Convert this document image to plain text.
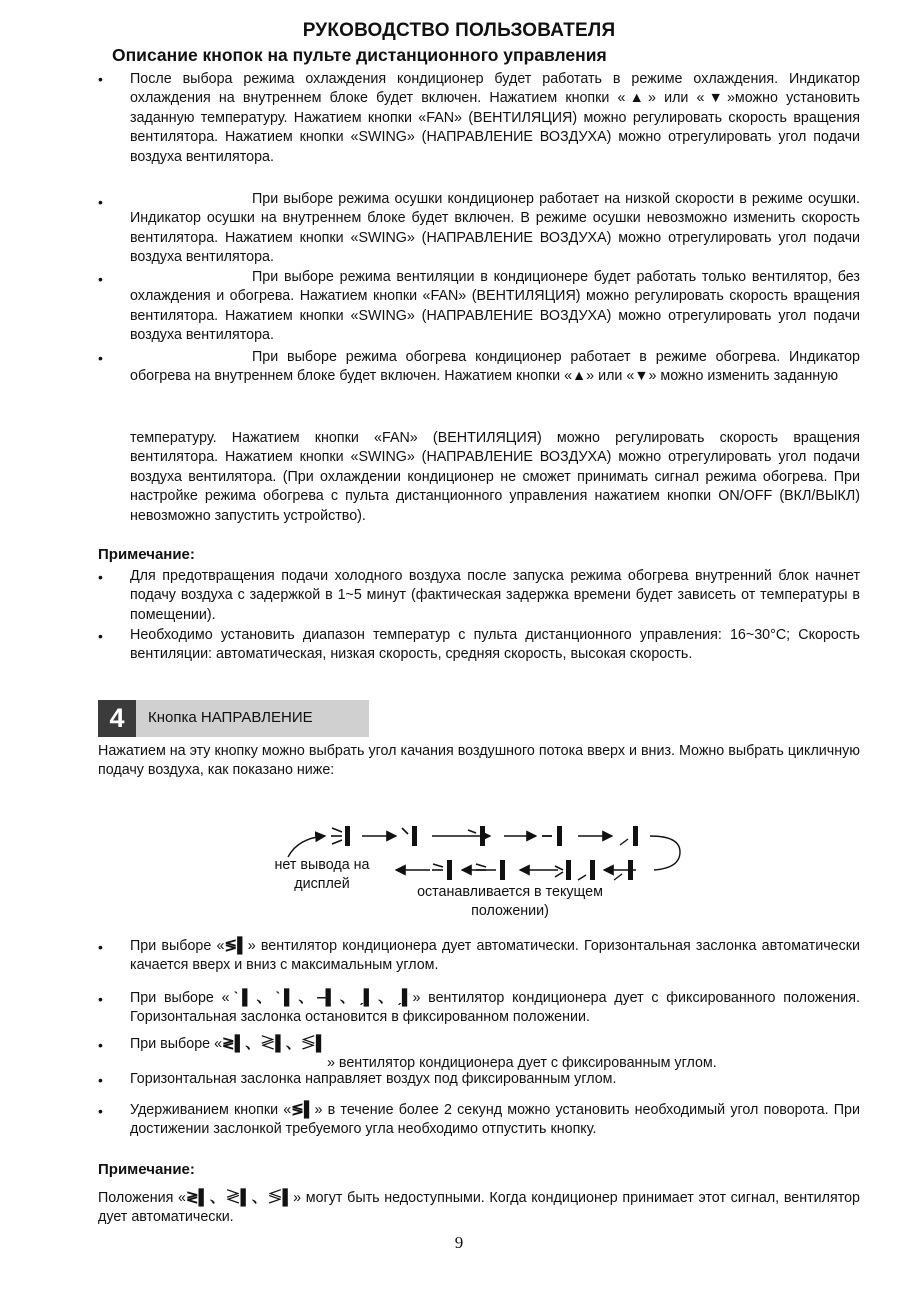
РУКОВОДСТВО ПОЛЬЗОВАТЕЛЯ
Описание кнопок на пульте дистанционного управления
• После выбора режима охлаждения кондиционер будет работать в режиме охлаждения. Индикатор охлаждения на внутреннем блоке будет включен. Нажатием кнопки «▲» или «▼»можно установить заданную температуру. Нажатием кнопки «FAN» (ВЕНТИЛЯЦИЯ) можно регулировать скорость вращения вентилятора. Нажатием кнопки «SWING» (НАПРАВЛЕНИЕ ВОЗДУХА) можно отрегулировать угол подачи воздуха вентилятора.
•	При выборе режима осушки кондиционер работает на низкой скорости в режиме осушки. Индикатор осушки на внутреннем блоке будет включен. В режиме осушки невозможно изменить скорость вентилятора. Нажатием кнопки «SWING» (НАПРАВЛЕНИЕ ВОЗДУХА) можно отрегулировать угол подачи воздуха вентилятора.
•	При выборе режима вентиляции в кондиционере будет работать только вентилятор, без охлаждения и обогрева. Нажатием кнопки «FAN» (ВЕНТИЛЯЦИЯ) можно регулировать скорость вращения вентилятора. Нажатием кнопки «SWING» (НАПРАВЛЕНИЕ ВОЗДУХА) можно отрегулировать угол подачи воздуха вентилятора.
•	При выборе режима обогрева кондиционер работает в режиме обогрева. Индикатор обогрева на внутреннем блоке будет включен. Нажатием кнопки «▲» или «▼» можно изменить заданную
температуру. Нажатием кнопки «FAN» (ВЕНТИЛЯЦИЯ) можно регулировать скорость вращения вентилятора. Нажатием кнопки «SWING» (НАПРАВЛЕНИЕ ВОЗДУХА) можно отрегулировать угол подачи воздуха вентилятора. (При охлаждении кондиционер не сможет принимать сигнал режима обогрева. При настройке режима обогрева с пульта дистанционного управления нажатием кнопки ON/OFF (ВКЛ/ВЫКЛ) невозможно запустить устройство).
Примечание:
• Для предотвращения подачи холодного воздуха после запуска режима обогрева внутренний блок начнет подачу воздуха с задержкой в 1~5 минут (фактическая задержка времени будет зависеть от температуры в помещении).
• Необходимо установить диапазон температур с пульта дистанционного управления: 16~30°C; Скорость вентиляции: автоматическая, низкая скорость, средняя скорость, высокая скорость.
4	Кнопка НАПРАВЛЕНИЕ
Нажатием на эту кнопку можно выбрать угол качания воздушного потока вверх и вниз. Можно выбрать цикличную подачу воздуха, как показано ниже:
нет вывода на
дисплей	останавливается в текущем
положении)
• При выборе «≶▌» вентилятор кондиционера дует автоматически. Горизонтальная заслонка автоматически качается вверх и вниз с максимальным углом.
• При выборе «ˋ▌、ˋ▌、‒▌、ˏ▌、ˏ▌» вентилятор кондиционера дует с фиксированного положения. Горизонтальная заслонка остановится в фиксированном положении.
• При выборе «≷▌、≷▌、≶▌
» вентилятор кондиционера дует с фиксированным углом.
• Горизонтальная заслонка направляет воздух под фиксированным углом.
• Удерживанием кнопки «≶▌» в течение более 2 секунд можно установить необходимый угол поворота. При достижении заслонкой требуемого угла необходимо отпустить кнопку.
Примечание:
Положения «≷▌、≷▌、≶▌» могут быть недоступными. Когда кондиционер принимает этот сигнал, вентилятор дует автоматически.
9
